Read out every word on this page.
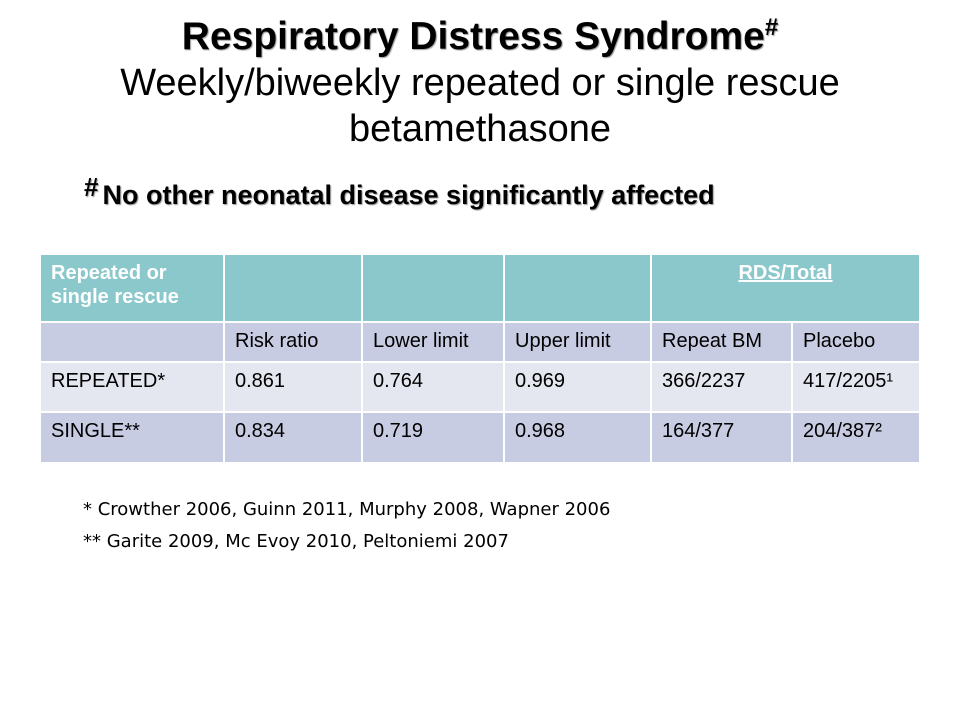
Respiratory Distress Syndrome#
Weekly/biweekly repeated or single rescue
betamethasone
# No other neonatal disease significantly affected
Repeated or single rescue				RDS/Total	
	Risk ratio	Lower limit	Upper limit	Repeat BM	Placebo
REPEATED*	0.861	0.764	0.969	366/2237	417/2205¹
SINGLE**	0.834	0.719	0.968	164/377	204/387²
* Crowther 2006, Guinn 2011, Murphy 2008, Wapner 2006
** Garite 2009, Mc Evoy 2010, Peltoniemi 2007
